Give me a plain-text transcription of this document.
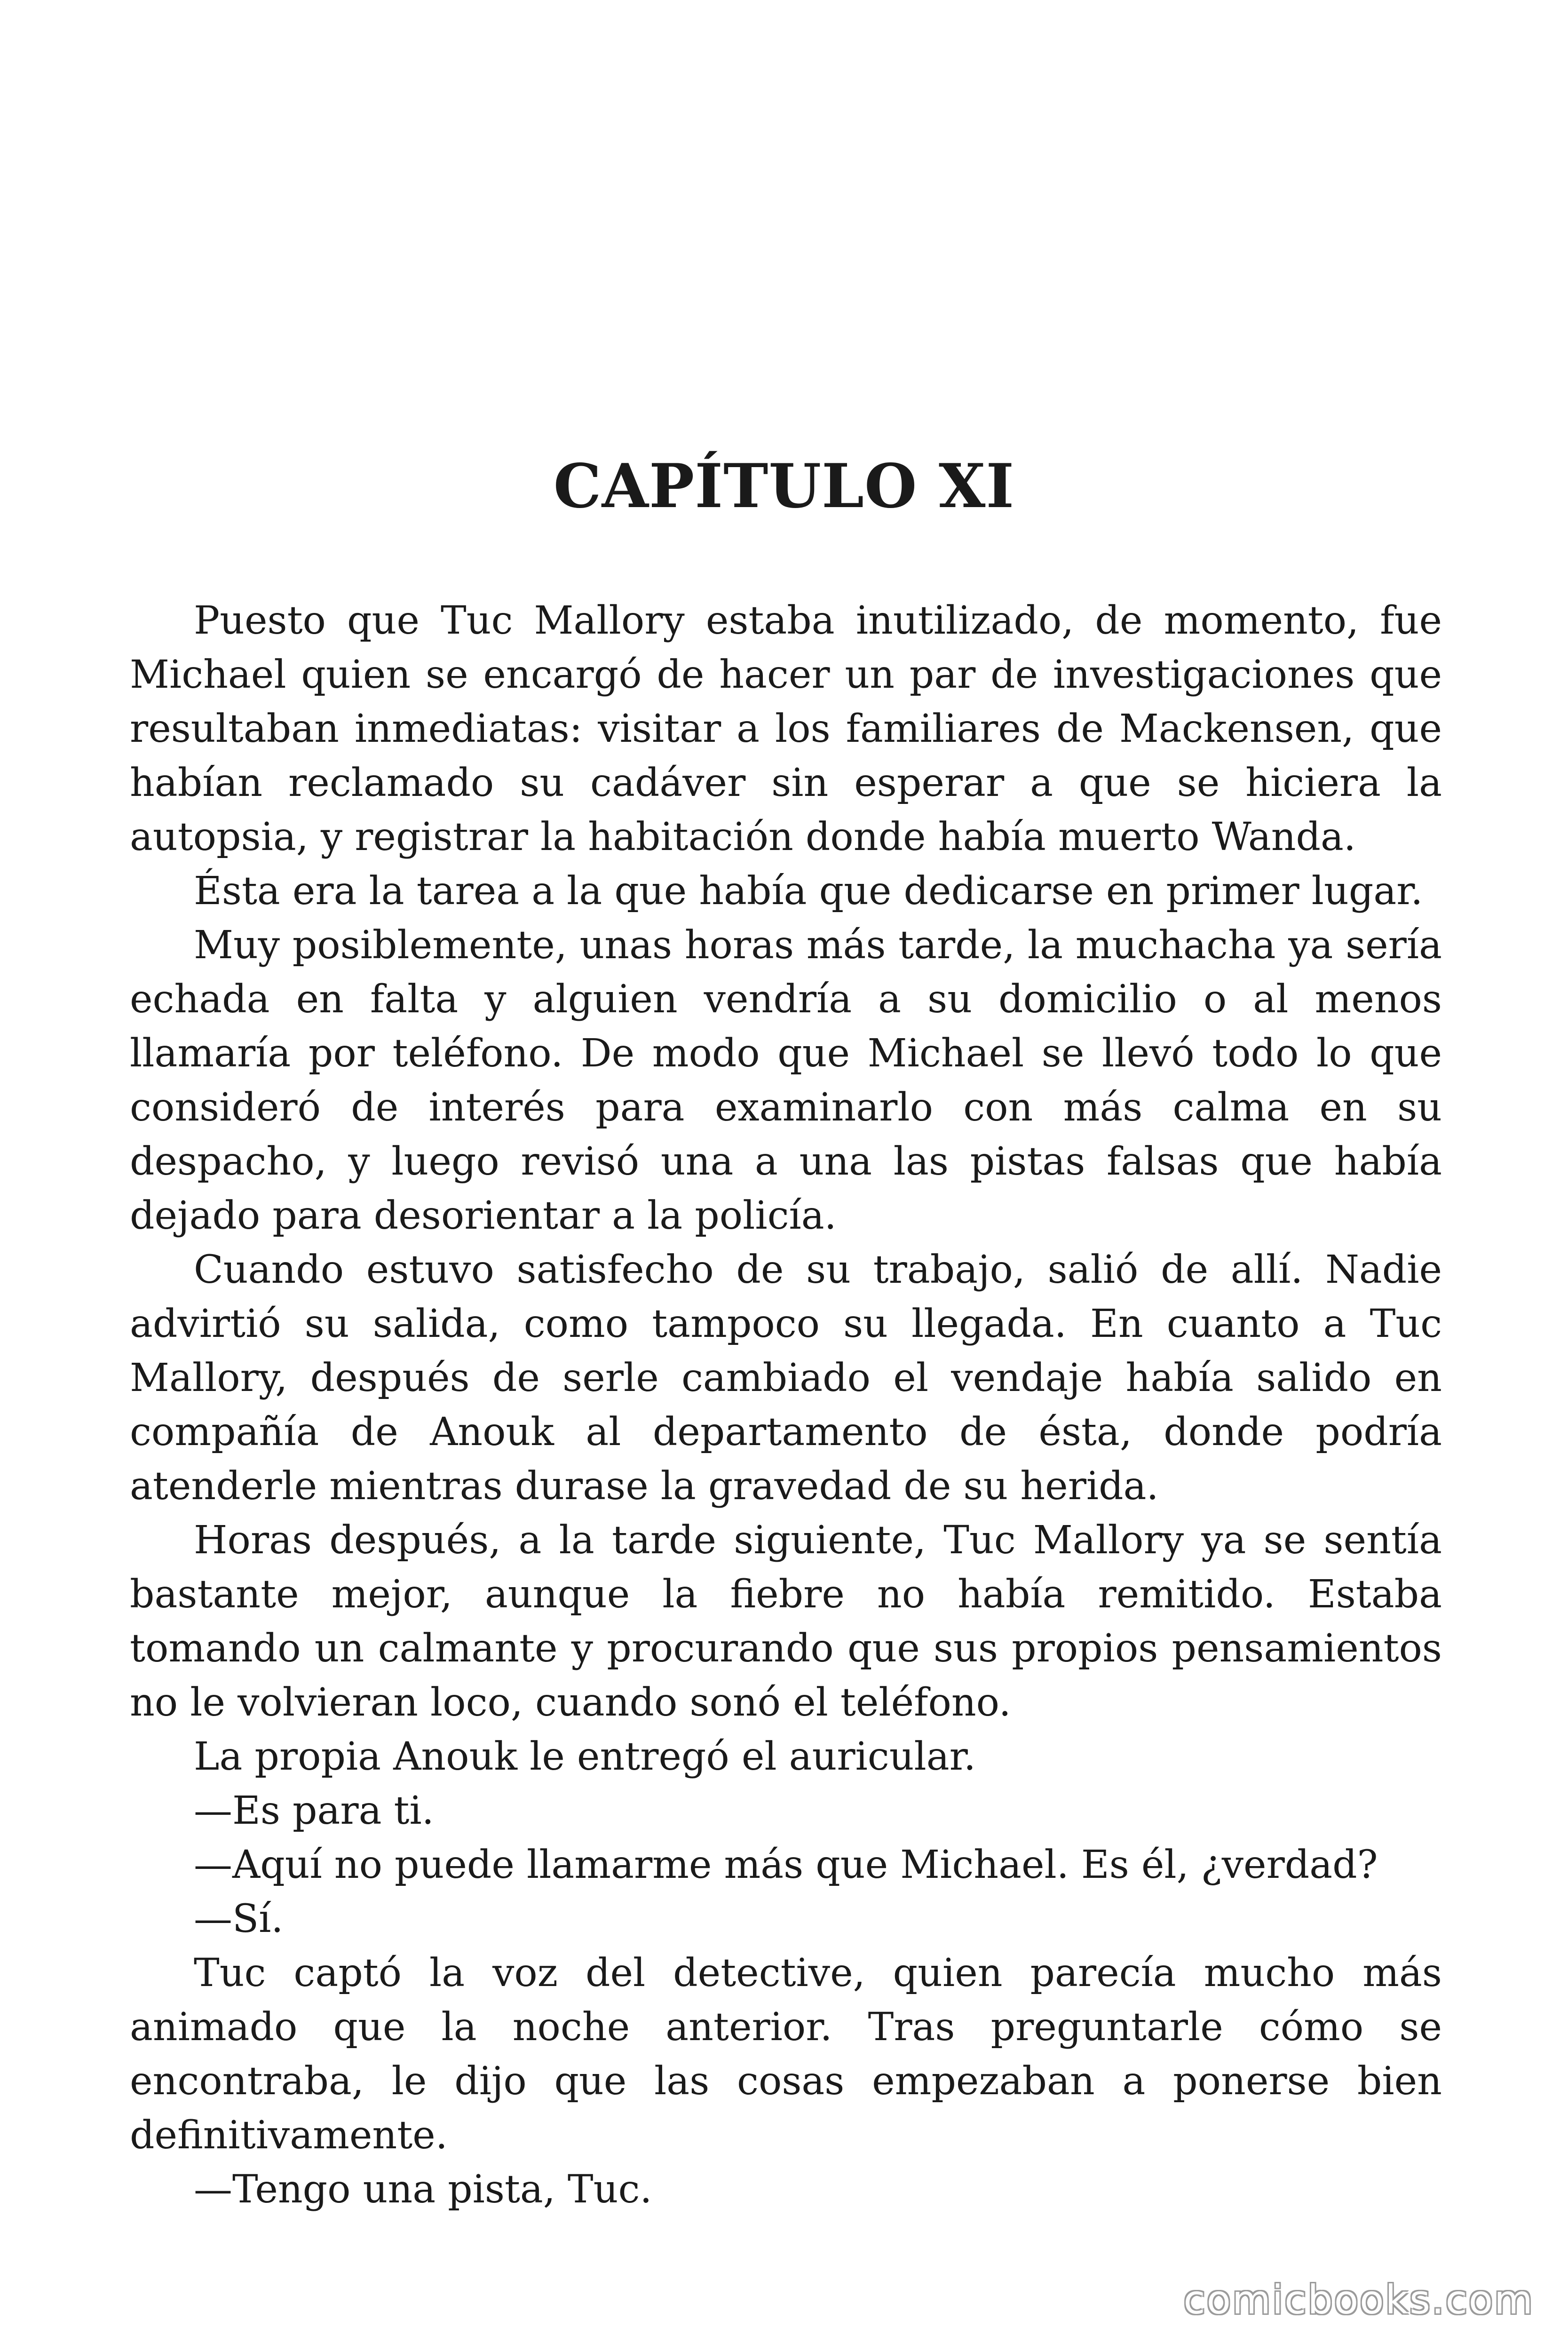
CAPÍTULO XI

Puesto que Tuc Mallory estaba inutilizado, de momento, fue Michael quien se encargó de hacer un par de investigaciones que resultaban inmediatas: visitar a los familiares de Mackensen, que habían reclamado su cadáver sin esperar a que se hiciera la autopsia, y registrar la habitación donde había muerto Wanda.

Ésta era la tarea a la que había que dedicarse en primer lugar.

Muy posiblemente, unas horas más tarde, la muchacha ya sería echada en falta y alguien vendría a su domicilio o al menos llamaría por teléfono. De modo que Michael se llevó todo lo que consideró de interés para examinarlo con más calma en su despacho, y luego revisó una a una las pistas falsas que había dejado para desorientar a la policía.

Cuando estuvo satisfecho de su trabajo, salió de allí. Nadie advirtió su salida, como tampoco su llegada. En cuanto a Tuc Mallory, después de serle cambiado el vendaje había salido en compañía de Anouk al departamento de ésta, donde podría atenderle mientras durase la gravedad de su herida.

Horas después, a la tarde siguiente, Tuc Mallory ya se sentía bastante mejor, aunque la fiebre no había remitido. Estaba tomando un calmante y procurando que sus propios pensamientos no le volvieran loco, cuando sonó el teléfono.

La propia Anouk le entregó el auricular.

—Es para ti.

—Aquí no puede llamarme más que Michael. Es él, ¿verdad?

—Sí.

Tuc captó la voz del detective, quien parecía mucho más animado que la noche anterior. Tras preguntarle cómo se encontraba, le dijo que las cosas empezaban a ponerse bien definitivamente.

—Tengo una pista, Tuc.

comicbooks.com
